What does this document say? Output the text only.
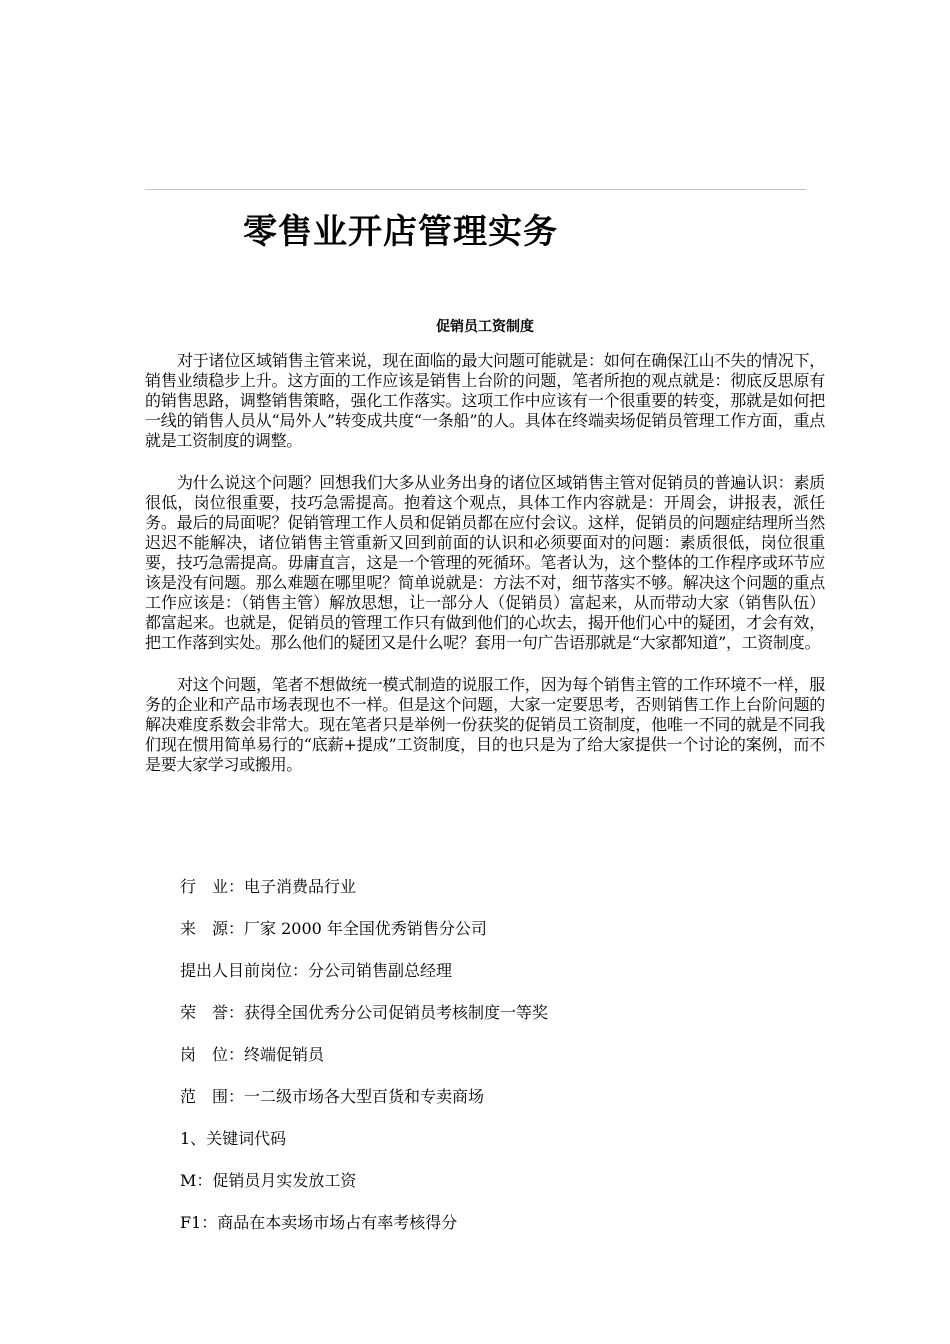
零售业开店管理实务
促销员工资制度

对于诸位区域销售主管来说，现在面临的最大问题可能就是：如何在确保江山不失的情况下，销售业绩稳步上升。这方面的工作应该是销售上台阶的问题，笔者所抱的观点就是：彻底反思原有的销售思路，调整销售策略，强化工作落实。这项工作中应该有一个很重要的转变，那就是如何把一线的销售人员从“局外人”转变成共度“一条船”的人。具体在终端卖场促销员管理工作方面，重点就是工资制度的调整。

为什么说这个问题？回想我们大多从业务出身的诸位区域销售主管对促销员的普遍认识：素质很低，岗位很重要，技巧急需提高。抱着这个观点，具体工作内容就是：开周会，讲报表，派任务。最后的局面呢？促销管理工作人员和促销员都在应付会议。这样，促销员的问题症结理所当然迟迟不能解决，诸位销售主管重新又回到前面的认识和必须要面对的问题：素质很低，岗位很重要，技巧急需提高。毋庸直言，这是一个管理的死循环。笔者认为，这个整体的工作程序或环节应该是没有问题。那么难题在哪里呢？简单说就是：方法不对，细节落实不够。解决这个问题的重点工作应该是：（销售主管）解放思想，让一部分人（促销员）富起来，从而带动大家（销售队伍）都富起来。也就是，促销员的管理工作只有做到他们的心坎去，揭开他们心中的疑团，才会有效，把工作落到实处。那么他们的疑团又是什么呢？套用一句广告语那就是“大家都知道”，工资制度。

对这个问题，笔者不想做统一模式制造的说服工作，因为每个销售主管的工作环境不一样，服务的企业和产品市场表现也不一样。但是这个问题，大家一定要思考，否则销售工作上台阶问题的解决难度系数会非常大。现在笔者只是举例一份获奖的促销员工资制度，他唯一不同的就是不同我们现在惯用简单易行的“底薪+提成”工资制度，目的也只是为了给大家提供一个讨论的案例，而不是要大家学习或搬用。

行　业：电子消费品行业
来　源：厂家 2000 年全国优秀销售分公司
提出人目前岗位：分公司销售副总经理
荣　誉：获得全国优秀分公司促销员考核制度一等奖
岗　位：终端促销员
范　围：一二级市场各大型百货和专卖商场
1、关键词代码
M：促销员月实发放工资
F1：商品在本卖场市场占有率考核得分
